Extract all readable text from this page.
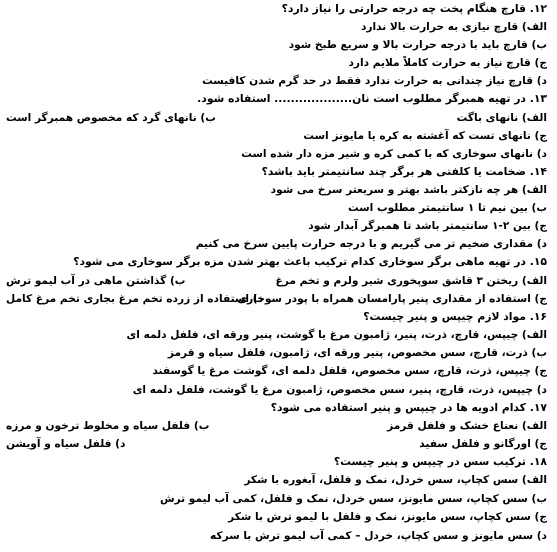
۱۲. قارچ هنگام پخت چه درجه حرارتی را نیاز دارد؟
الف) قارچ نیازی به حرارت بالا ندارد
ب) قارچ باید با درجه حرارت بالا و سریع طبخ شود
ج) قارچ نیاز به حرارت کاملاً ملایم دارد
د) قارچ نیاز چندانی به حرارت ندارد فقط در حد گرم شدن کافیست
۱۳. در تهیه همبرگر مطلوب است نان................... استفاده شود.
الف) نانهای باگت
ب) نانهای گرد که مخصوص همبرگر است
ج) نانهای تست که آغشته به کره یا مایونز است
د) نانهای سوخاری که با کمی کره و شیر مزه دار شده است
۱۴. ضخامت یا کلفتی هر برگر چند سانتیمتر باید باشد؟
الف) هر چه نازکتر باشد بهتر و سریعتر سرخ می شود
ب) بین نیم تا ۱ سانتیمتر مطلوب است
ج) بین ۲-۱ سانتیمتر باشد تا همبرگر آبدار شود
د) مقداری ضخیم تر می گیریم و با درجه حرارت پایین سرخ می کنیم
۱۵. در تهیه ماهی برگر سوخاری کدام ترکیب باعث بهتر شدن مزه برگر سوخاری می شود؟
الف) ریختن ۳ قاشق سوپخوری شیر ولرم و تخم مرغ
ب) گذاشتن ماهی در آب لیمو ترش
ج) استفاده از مقداری پنیر پارامسان همراه با پودر سوخاری
د) استفاده از زرده تخم مرغ بجاری تخم مرغ کامل
۱۶. مواد لازم چیپس و پنیر چیست؟
الف) چیپس، قارچ، ذرت، پنیر، ژامبون مرغ یا گوشت، پنیر ورقه ای، فلفل دلمه ای
ب) ذرت، قارچ، سس مخصوص، پنیر ورقه ای، ژامبون، فلفل سیاه و قرمز
ج) چیپس، ذرت، قارچ، سس مخصوص، فلفل دلمه ای، گوشت مرغ یا گوسفند
د) چیپس، ذرت، قارچ، پنیر، سس مخصوص، ژامبون مرغ یا گوشت، فلفل دلمه ای
۱۷. کدام ادویه ها در چیپس و پنیر استفاده می شود؟
الف) نعناع خشک و فلفل قرمز
ب) فلفل سیاه و مخلوط ترخون و مرزه
ج) اورگانو و فلفل سفید
د) فلفل سیاه و آویشن
۱۸. ترکیب سس در چیپس و پنیر چیست؟
الف) سس کچاپ، سس خردل، نمک و فلفل، آبغوره با شکر
ب) سس کچاپ، سس مایونز، سس خردل، نمک و فلفل، کمی آب لیمو ترش
ج) سس کچاپ، سس مایونز، نمک و فلفل با لیمو ترش با شکر
د) سس مایونز و سس کچاپ، خردل – کمی آب لیمو ترش با سرکه
